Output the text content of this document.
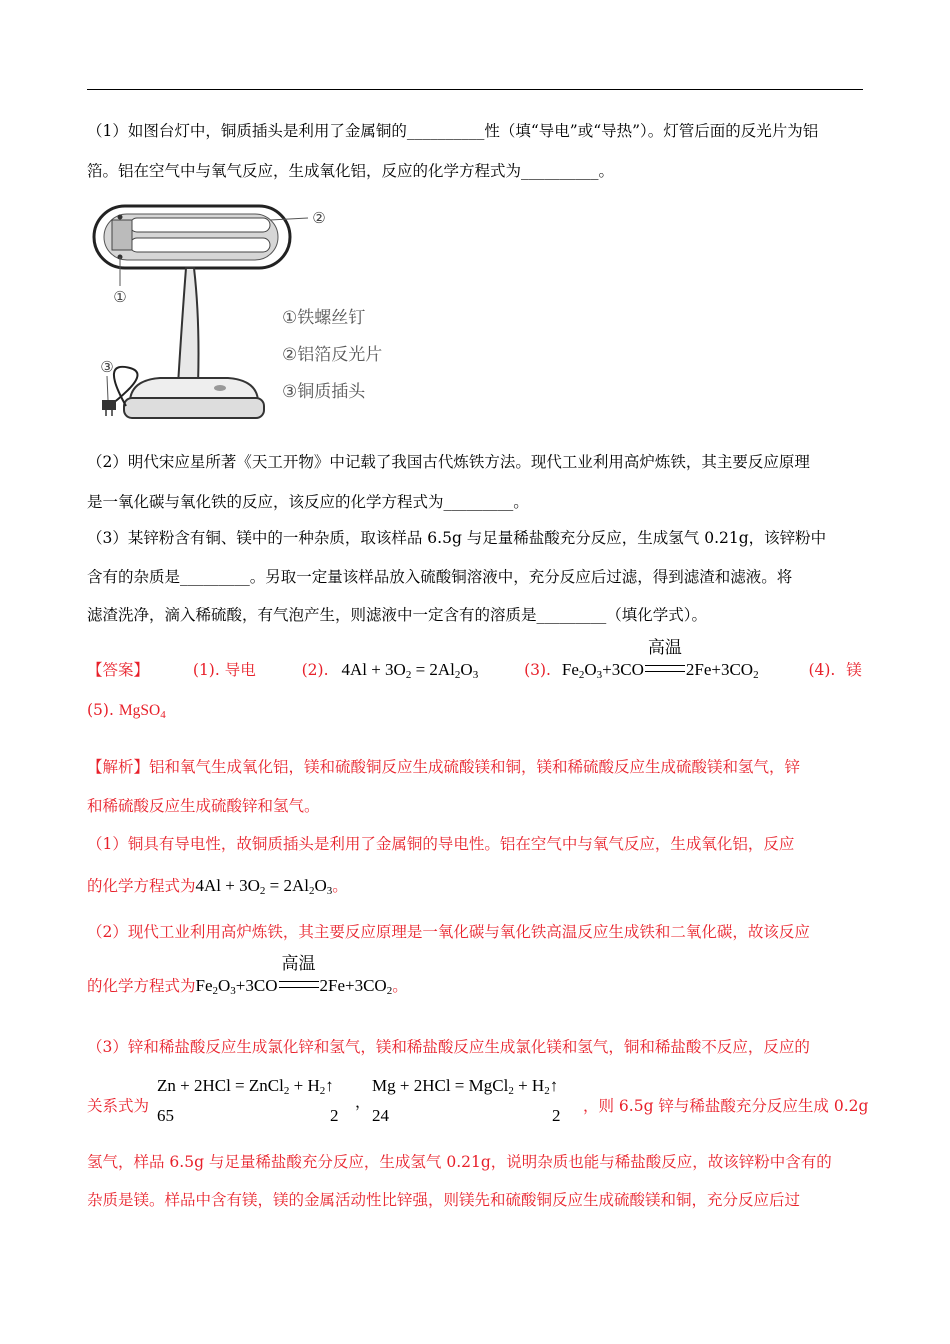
（1）如图台灯中，铜质插头是利用了金属铜的__________性（填“导电”或“导热”）。灯管后面的反光片为铝
箔。铝在空气中与氧气反应，生成氧化铝，反应的化学方程式为__________。
②
①
③
①铁螺丝钉
②铝箔反光片
③铜质插头
（2）明代宋应星所著《天工开物》中记载了我国古代炼铁方法。现代工业利用高炉炼铁，其主要反应原理
是一氧化碳与氧化铁的反应，该反应的化学方程式为_________。
（3）某锌粉含有铜、镁中的一种杂质，取该样品 6.5g 与足量稀盐酸充分反应，生成氢气 0.21g，该锌粉中
含有的杂质是_________。另取一定量该样品放入硫酸铜溶液中，充分反应后过滤，得到滤渣和滤液。将
滤渣洗净，滴入稀硫酸，有气泡产生，则滤液中一定含有的溶质是_________（填化学式）。
【答案】	(1). 导电	(2). $4Al + 3O_2 = 2Al_2O_3$	(3). $Fe_2O_3+3CO$
高温
$2Fe+3CO_2$	(4). 镁
(5). MgSO$_4$
【解析】铝和氧气生成氧化铝，镁和硫酸铜反应生成硫酸镁和铜，镁和稀硫酸反应生成硫酸镁和氢气，锌
和稀硫酸反应生成硫酸锌和氢气。
（1）铜具有导电性，故铜质插头是利用了金属铜的导电性。铝在空气中与氧气反应，生成氧化铝，反应
的化学方程式为$4Al + 3O_2 = 2Al_2O_3$。
（2）现代工业利用高炉炼铁，其主要反应原理是一氧化碳与氧化铁高温反应生成铁和二氧化碳，故该反应
的化学方程式为$Fe_2O_3+3CO$
高温
$2Fe+3CO_2$。
（3）锌和稀盐酸反应生成氯化锌和氢气，镁和稀盐酸反应生成氯化镁和氢气，铜和稀盐酸不反应，反应的
关系式为
Zn + 2HCl = ZnCl$_2$ + $H_2↑$
65	2
，
Mg + 2HCl = MgCl$_2$ + $H_2↑$
24	2 ，则 6.5g 锌与稀盐酸充分反应生成 0.2g
氢气，样品 6.5g 与足量稀盐酸充分反应，生成氢气 0.21g，说明杂质也能与稀盐酸反应，故该锌粉中含有的
杂质是镁。样品中含有镁，镁的金属活动性比锌强，则镁先和硫酸铜反应生成硫酸镁和铜，充分反应后过
